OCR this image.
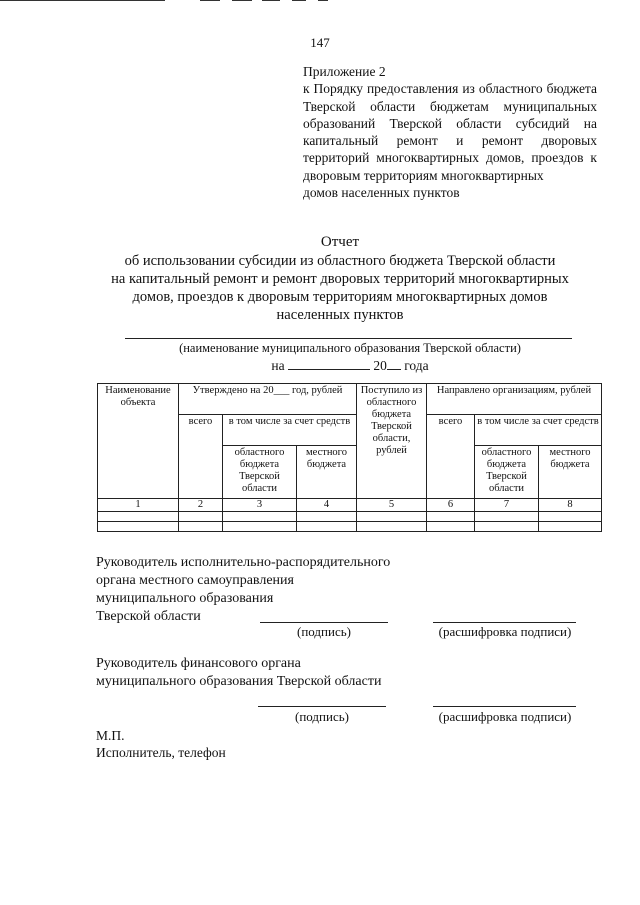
147
Приложение 2
к Порядку предоставления из областного бюджета Тверской области бюджетам муниципальных образований Тверской области субсидий на капитальный ремонт и ремонт дворовых территорий многоквартирных домов, проездов к дворовым территориям многоквартирных
домов населенных пунктов
Отчет
об использовании субсидии из областного бюджета Тверской области
на капитальный ремонт и ремонт дворовых территорий многоквартирных
домов, проездов к дворовым территориям многоквартирных домов
населенных пунктов
(наименование муниципального образования Тверской области)
на	20 года
Наименование объекта	Утверждено на 20___ год, рублей			Поступило из областного бюджета Тверской области, рублей	Направлено организациям, рублей		
	всего	в том числе за счет средств			всего	в том числе за счет средств	
		областного бюджета Тверской области	местного бюджета			областного бюджета Тверской области	местного бюджета
1	2	3	4	5	6	7	8

Руководитель исполнительно-распорядительного
органа местного самоуправления
муниципального образования
Тверской области
(подпись)	(расшифровка подписи)
Руководитель финансового органа
муниципального образования Тверской области
(подпись)	(расшифровка подписи)
М.П.
Исполнитель, телефон
